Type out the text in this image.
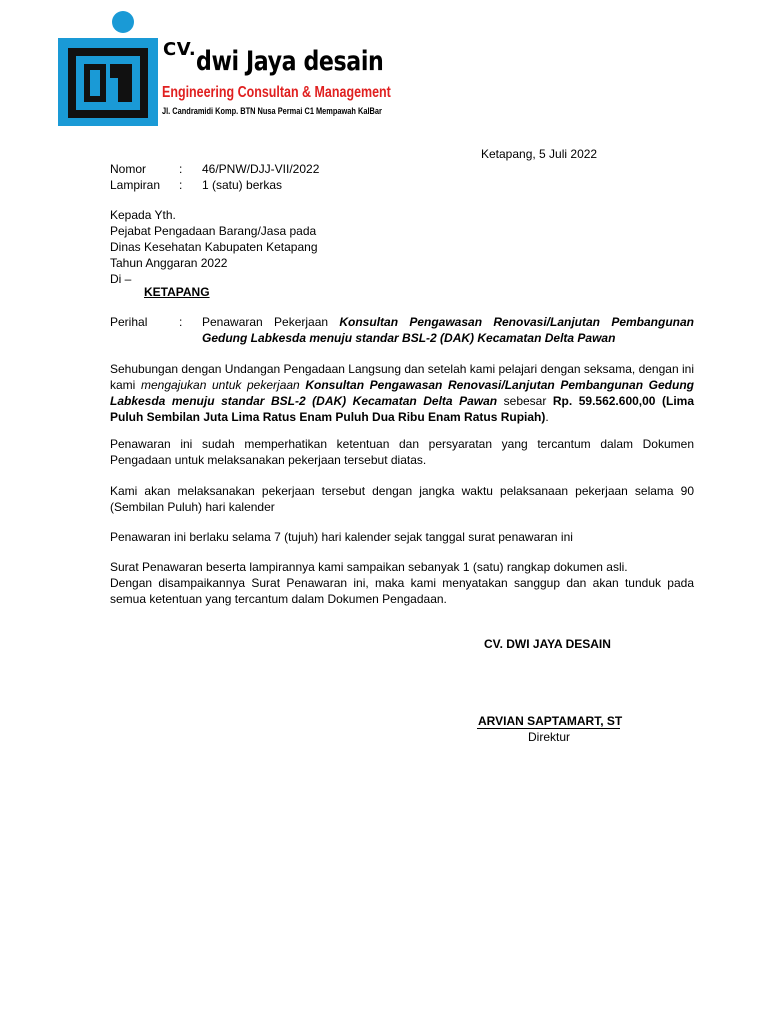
CV. dwi Jaya desain
Engineering Consultan & Management
Jl. Candramidi Komp. BTN Nusa Permai C1 Mempawah KalBar
Ketapang, 5 Juli 2022
Nomor	: 46/PNW/DJJ-VII/2022
Lampiran : 1 (satu) berkas
Kepada Yth.
Pejabat Pengadaan Barang/Jasa pada
Dinas Kesehatan Kabupaten Ketapang
Tahun Anggaran 2022
Di –
KETAPANG
Perihal	: Penawaran Pekerjaan Konsultan Pengawasan Renovasi/Lanjutan Pembangunan Gedung Labkesda menuju standar BSL-2 (DAK) Kecamatan Delta Pawan
Sehubungan dengan Undangan Pengadaan Langsung dan setelah kami pelajari dengan seksama, dengan ini kami mengajukan untuk pekerjaan Konsultan Pengawasan Renovasi/Lanjutan Pembangunan Gedung Labkesda menuju standar BSL-2 (DAK) Kecamatan Delta Pawan sebesar Rp. 59.562.600,00 (Lima Puluh Sembilan Juta Lima Ratus Enam Puluh Dua Ribu Enam Ratus Rupiah).
Penawaran ini sudah memperhatikan ketentuan dan persyaratan yang tercantum dalam Dokumen Pengadaan untuk melaksanakan pekerjaan tersebut diatas.
Kami akan melaksanakan pekerjaan tersebut dengan jangka waktu pelaksanaan pekerjaan selama 90 (Sembilan Puluh) hari kalender
Penawaran ini berlaku selama 7 (tujuh) hari kalender sejak tanggal surat penawaran ini
Surat Penawaran beserta lampirannya kami sampaikan sebanyak 1 (satu) rangkap dokumen asli.
Dengan disampaikannya Surat Penawaran ini, maka kami menyatakan sanggup dan akan tunduk pada semua ketentuan yang tercantum dalam Dokumen Pengadaan.
CV. DWI JAYA DESAIN
ARVIAN SAPTAMART, ST
Direktur
